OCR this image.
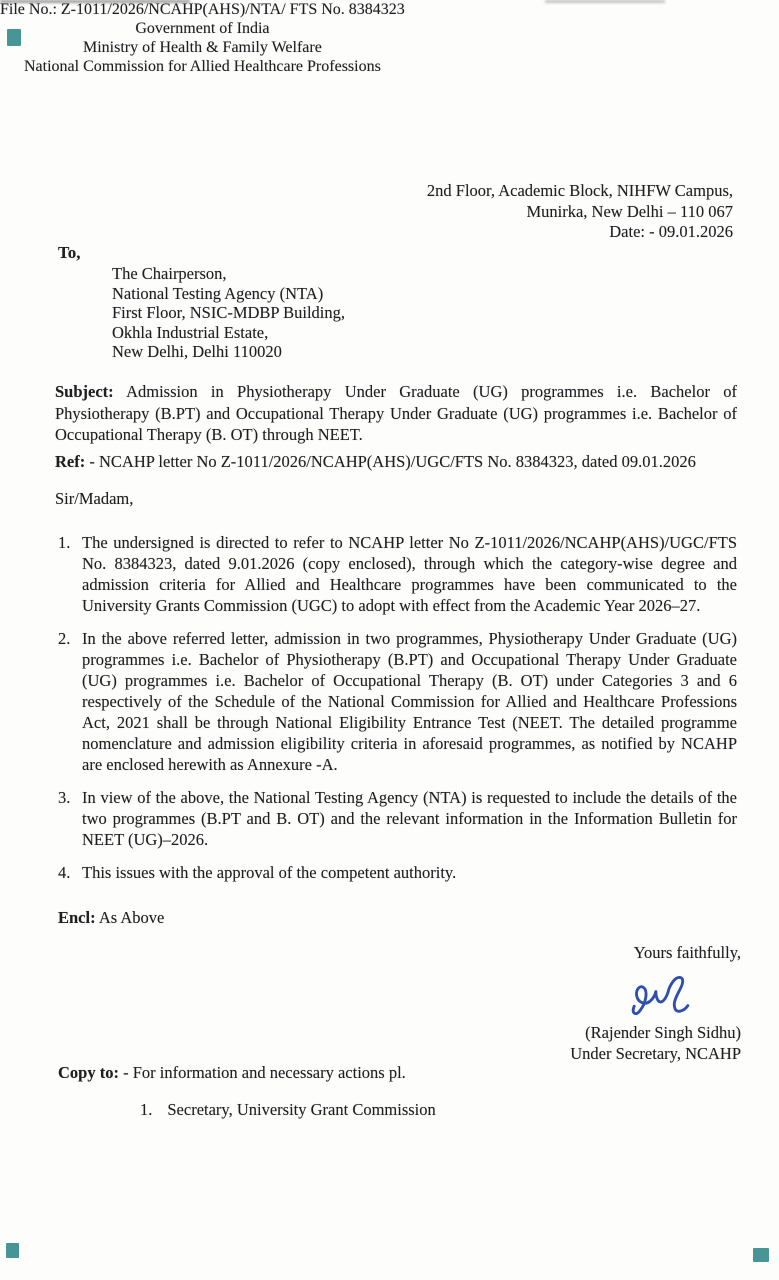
File No.: Z-1011/2026/NCAHP(AHS)/NTA/ FTS No. 8384323
Government of India
Ministry of Health & Family Welfare
National Commission for Allied Healthcare Professions
2nd Floor, Academic Block, NIHFW Campus,
Munirka, New Delhi – 110 067
Date: - 09.01.2026
To,
The Chairperson,
National Testing Agency (NTA)
First Floor, NSIC-MDBP Building,
Okhla Industrial Estate,
New Delhi, Delhi 110020
Subject: Admission in Physiotherapy Under Graduate (UG) programmes i.e. Bachelor of Physiotherapy (B.PT) and Occupational Therapy Under Graduate (UG) programmes i.e. Bachelor of Occupational Therapy (B. OT) through NEET.
Ref: - NCAHP letter No Z-1011/2026/NCAHP(AHS)/UGC/FTS No. 8384323, dated 09.01.2026
Sir/Madam,
1. The undersigned is directed to refer to NCAHP letter No Z-1011/2026/NCAHP(AHS)/UGC/FTS No. 8384323, dated 9.01.2026 (copy enclosed), through which the category-wise degree and admission criteria for Allied and Healthcare programmes have been communicated to the University Grants Commission (UGC) to adopt with effect from the Academic Year 2026–27.
2. In the above referred letter, admission in two programmes, Physiotherapy Under Graduate (UG) programmes i.e. Bachelor of Physiotherapy (B.PT) and Occupational Therapy Under Graduate (UG) programmes i.e. Bachelor of Occupational Therapy (B. OT) under Categories 3 and 6 respectively of the Schedule of the National Commission for Allied and Healthcare Professions Act, 2021 shall be through National Eligibility Entrance Test (NEET. The detailed programme nomenclature and admission eligibility criteria in aforesaid programmes, as notified by NCAHP are enclosed herewith as Annexure -A.
3. In view of the above, the National Testing Agency (NTA) is requested to include the details of the two programmes (B.PT and B. OT) and the relevant information in the Information Bulletin for NEET (UG)–2026.
4. This issues with the approval of the competent authority.
Encl: As Above
Yours faithfully,
(Rajender Singh Sidhu)
Under Secretary, NCAHP
Copy to: - For information and necessary actions pl.
1. Secretary, University Grant Commission
